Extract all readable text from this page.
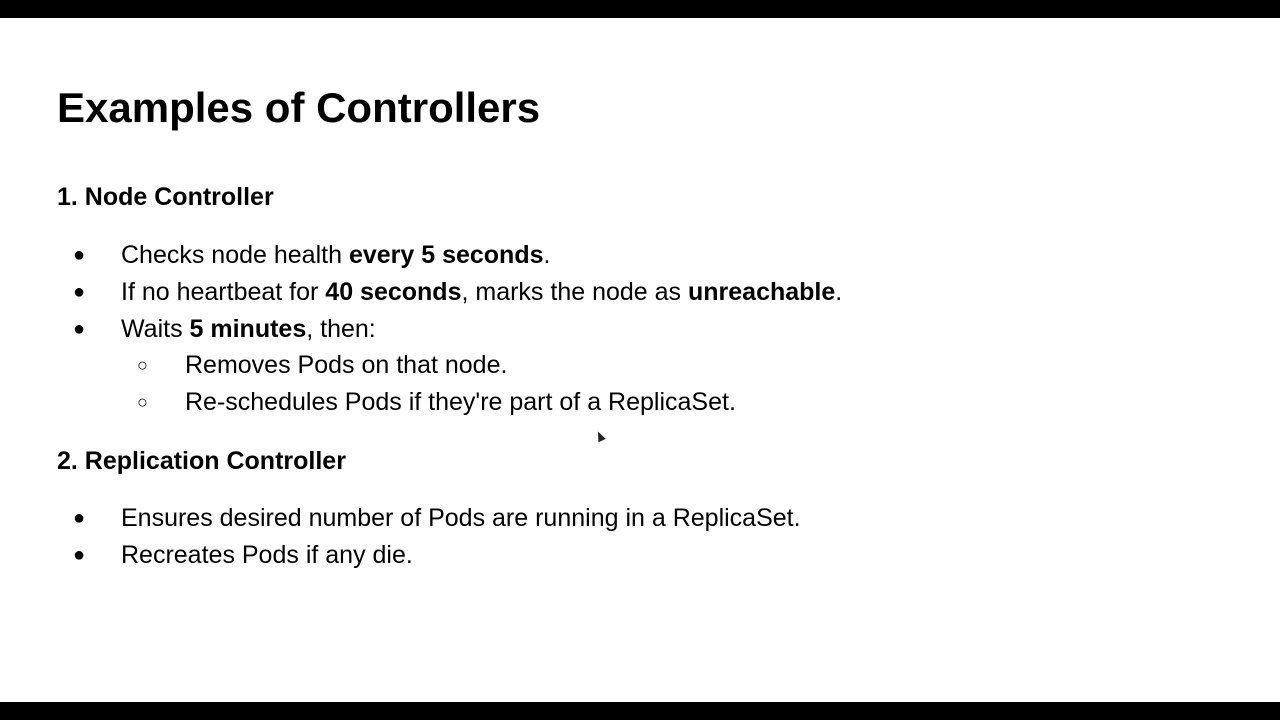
Examples of Controllers
1. Node Controller
● Checks node health every 5 seconds.
● If no heartbeat for 40 seconds, marks the node as unreachable.
● Waits 5 minutes, then:
○ Removes Pods on that node.
○ Re-schedules Pods if they're part of a ReplicaSet.
2. Replication Controller
● Ensures desired number of Pods are running in a ReplicaSet.
● Recreates Pods if any die.
